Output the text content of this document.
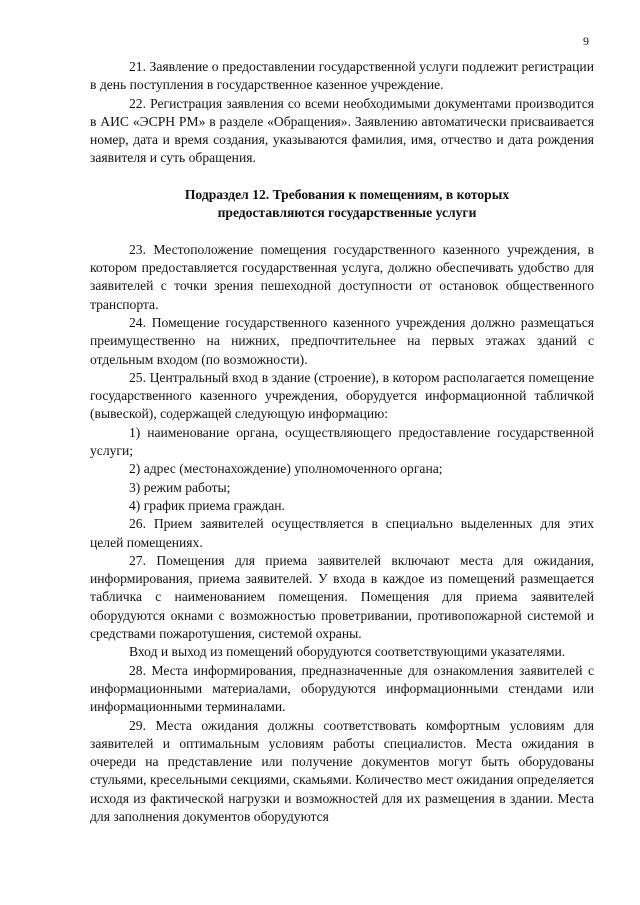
9

21. Заявление о предоставлении государственной услуги подлежит регистрации в день поступления в государственное казенное учреждение.

22. Регистрация заявления со всеми необходимыми документами производится в АИС «ЭСРН РМ» в разделе «Обращения». Заявлению автоматически присваивается номер, дата и время создания, указываются фамилия, имя, отчество и дата рождения заявителя и суть обращения.

Подраздел 12. Требования к помещениям, в которых
предоставляются государственные услуги

23. Местоположение помещения государственного казенного учреждения, в котором предоставляется государственная услуга, должно обеспечивать удобство для заявителей с точки зрения пешеходной доступности от остановок общественного транспорта.

24. Помещение государственного казенного учреждения должно размещаться преимущественно на нижних, предпочтительнее на первых этажах зданий с отдельным входом (по возможности).

25. Центральный вход в здание (строение), в котором располагается помещение государственного казенного учреждения, оборудуется информационной табличкой (вывеской), содержащей следующую информацию:

1) наименование органа, осуществляющего предоставление государственной услуги;

2) адрес (местонахождение) уполномоченного органа;

3) режим работы;

4) график приема граждан.

26. Прием заявителей осуществляется в специально выделенных для этих целей помещениях.

27. Помещения для приема заявителей включают места для ожидания, информирования, приема заявителей. У входа в каждое из помещений размещается табличка с наименованием помещения. Помещения для приема заявителей оборудуются окнами с возможностью проветривании, противопожарной системой и средствами пожаротушения, системой охраны.

Вход и выход из помещений оборудуются соответствующими указателями.

28. Места информирования, предназначенные для ознакомления заявителей с информационными материалами, оборудуются информационными стендами или информационными терминалами.

29. Места ожидания должны соответствовать комфортным условиям для заявителей и оптимальным условиям работы специалистов. Места ожидания в очереди на представление или получение документов могут быть оборудованы стульями, кресельными секциями, скамьями. Количество мест ожидания определяется исходя из фактической нагрузки и возможностей для их размещения в здании. Места для заполнения документов оборудуются
